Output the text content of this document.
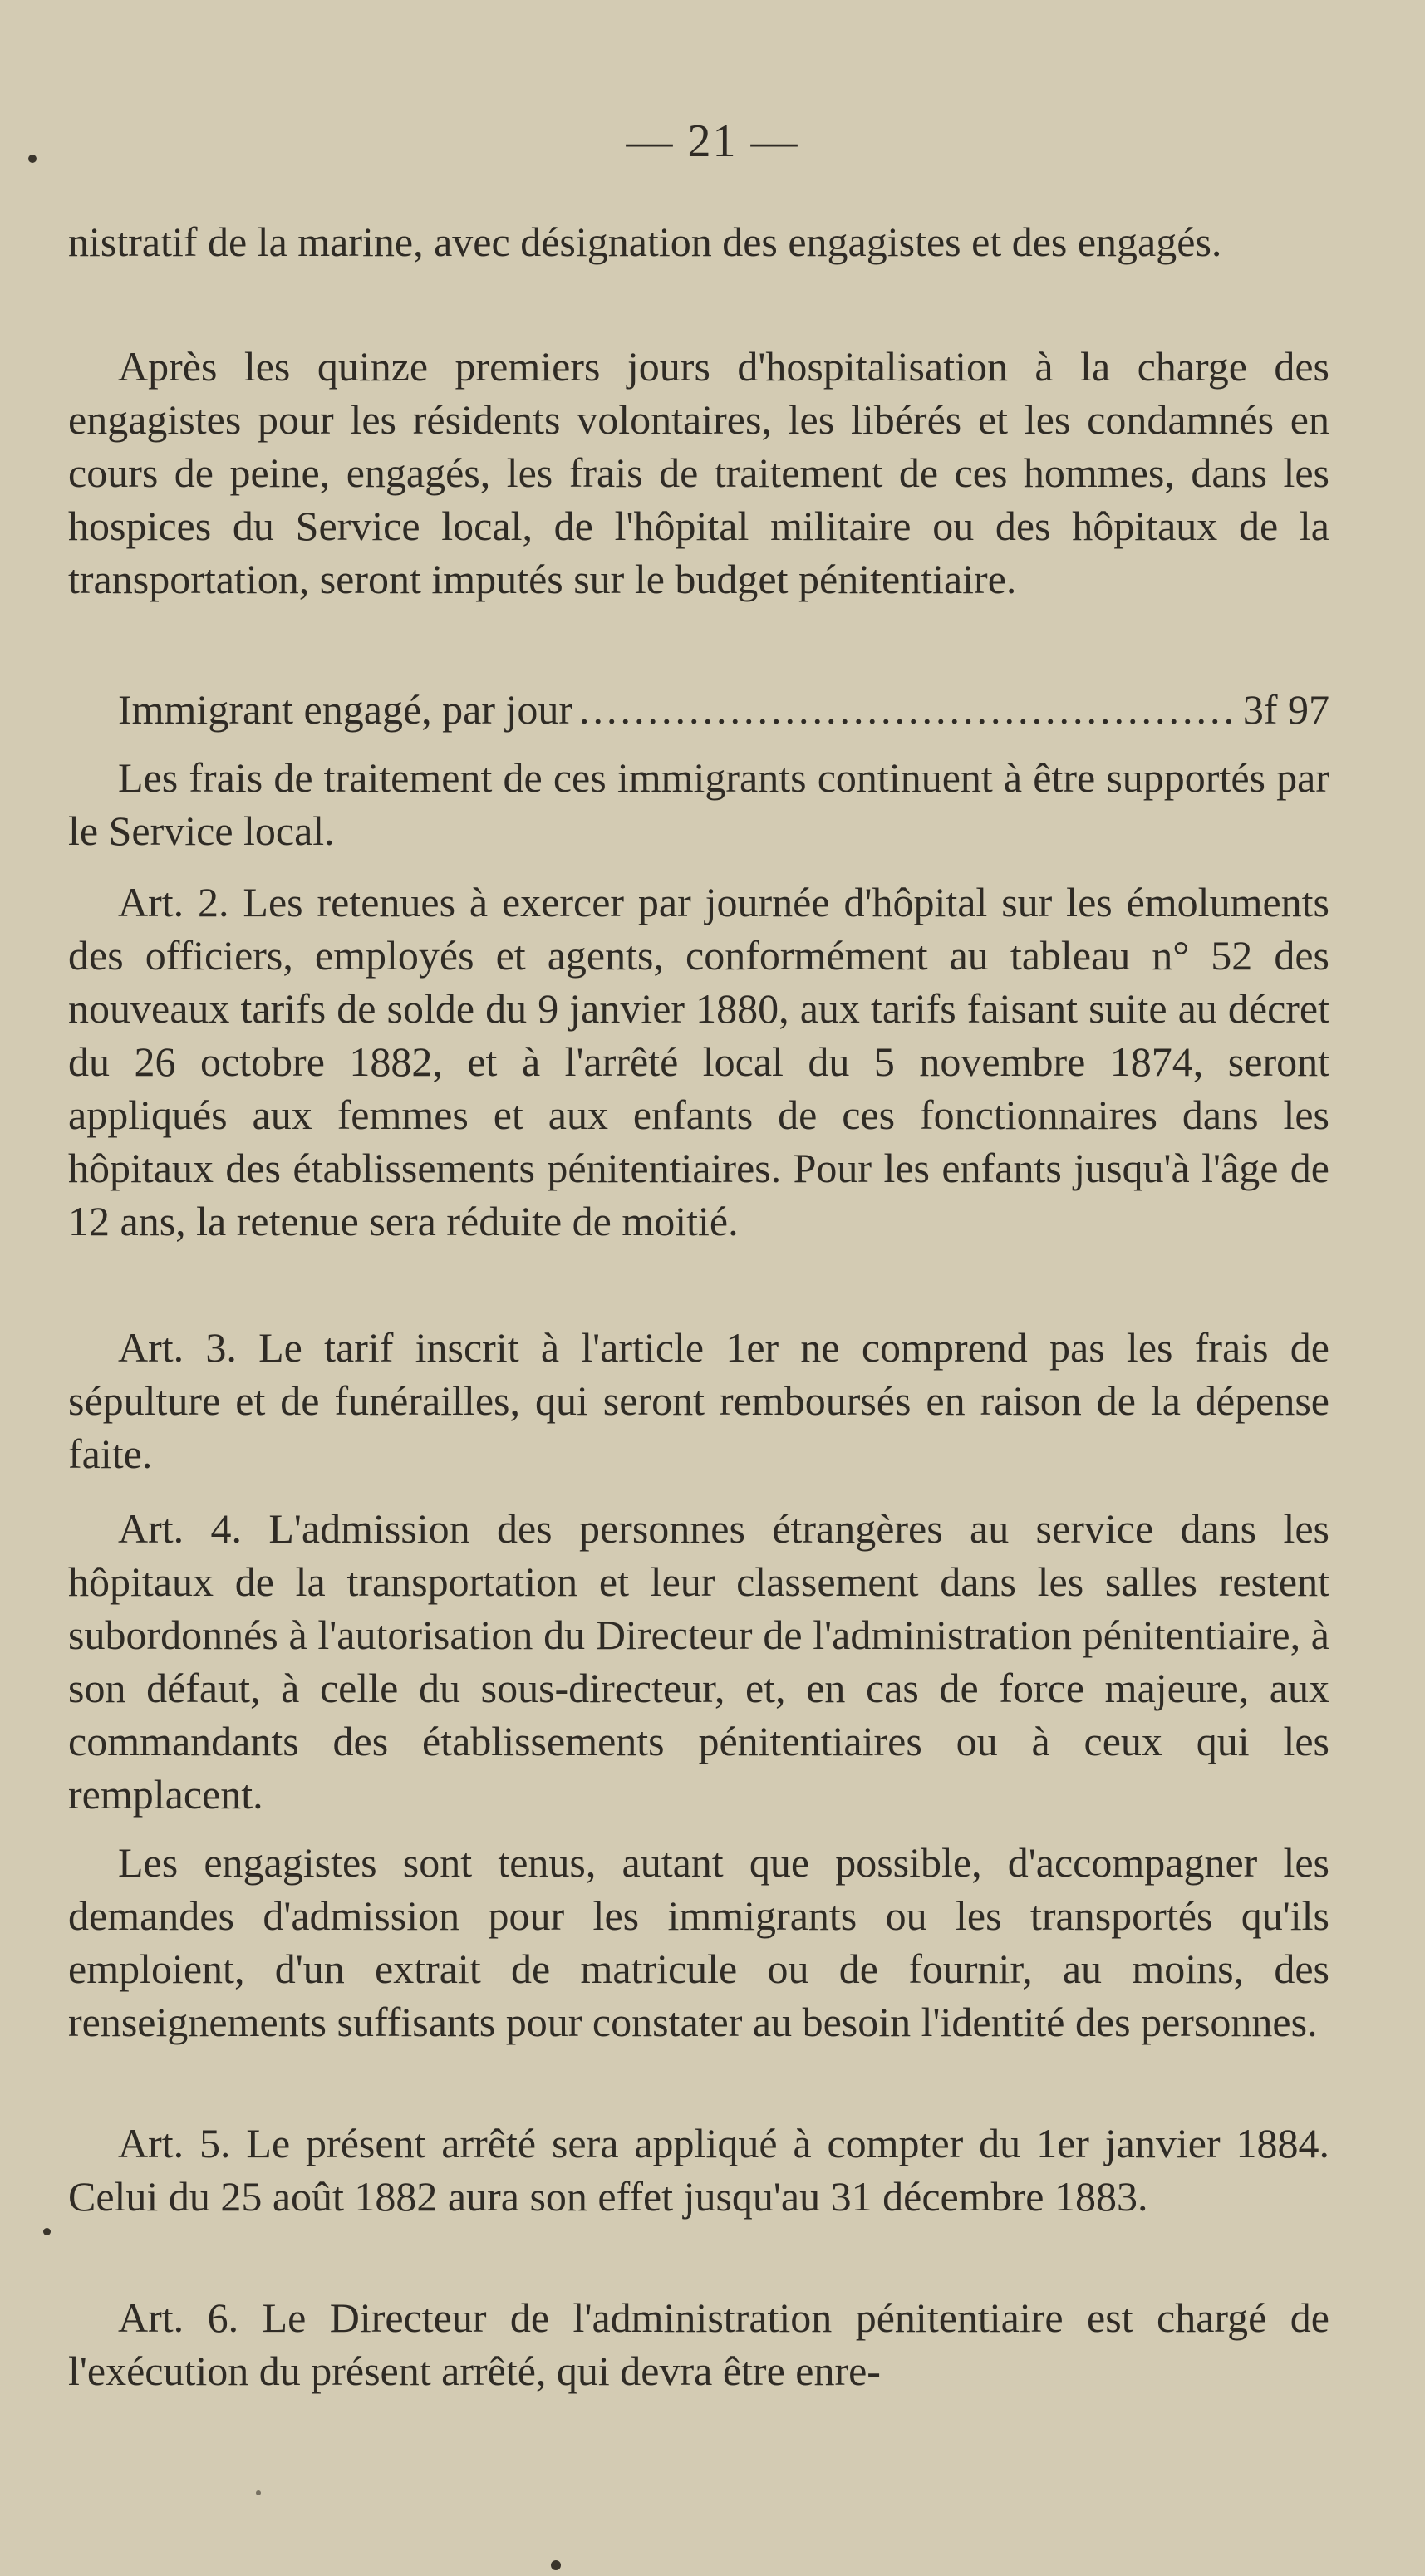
— 21 —

nistratif de la marine, avec désignation des engagistes et des engagés.

Après les quinze premiers jours d'hospitalisation à la charge des engagistes pour les résidents volontaires, les libérés et les condamnés en cours de peine, engagés, les frais de traitement de ces hommes, dans les hospices du Service local, de l'hôpital militaire ou des hôpitaux de la transportation, seront imputés sur le budget pénitentiaire.

Immigrant engagé, par jour
.....	3f 97

Les frais de traitement de ces immigrants continuent à être supportés par le Service local.

Art. 2. Les retenues à exercer par journée d'hôpital sur les émoluments des officiers, employés et agents, conformément au tableau n° 52 des nouveaux tarifs de solde du 9 janvier 1880, aux tarifs faisant suite au décret du 26 octobre 1882, et à l'arrêté local du 5 novembre 1874, seront appliqués aux femmes et aux enfants de ces fonctionnaires dans les hôpitaux des établissements pénitentiaires. Pour les enfants jusqu'à l'âge de 12 ans, la retenue sera réduite de moitié.

Art. 3. Le tarif inscrit à l'article 1er ne comprend pas les frais de sépulture et de funérailles, qui seront remboursés en raison de la dépense faite.

Art. 4. L'admission des personnes étrangères au service dans les hôpitaux de la transportation et leur classement dans les salles restent subordonnés à l'autorisation du Directeur de l'administration pénitentiaire, à son défaut, à celle du sous-directeur, et, en cas de force majeure, aux commandants des établissements pénitentiaires ou à ceux qui les remplacent.

Les engagistes sont tenus, autant que possible, d'accompagner les demandes d'admission pour les immigrants ou les transportés qu'ils emploient, d'un extrait de matricule ou de fournir, au moins, des renseignements suffisants pour constater au besoin l'identité des personnes.

Art. 5. Le présent arrêté sera appliqué à compter du 1er janvier 1884. Celui du 25 août 1882 aura son effet jusqu'au 31 décembre 1883.

Art. 6. Le Directeur de l'administration pénitentiaire est chargé de l'exécution du présent arrêté, qui devra être enre-
